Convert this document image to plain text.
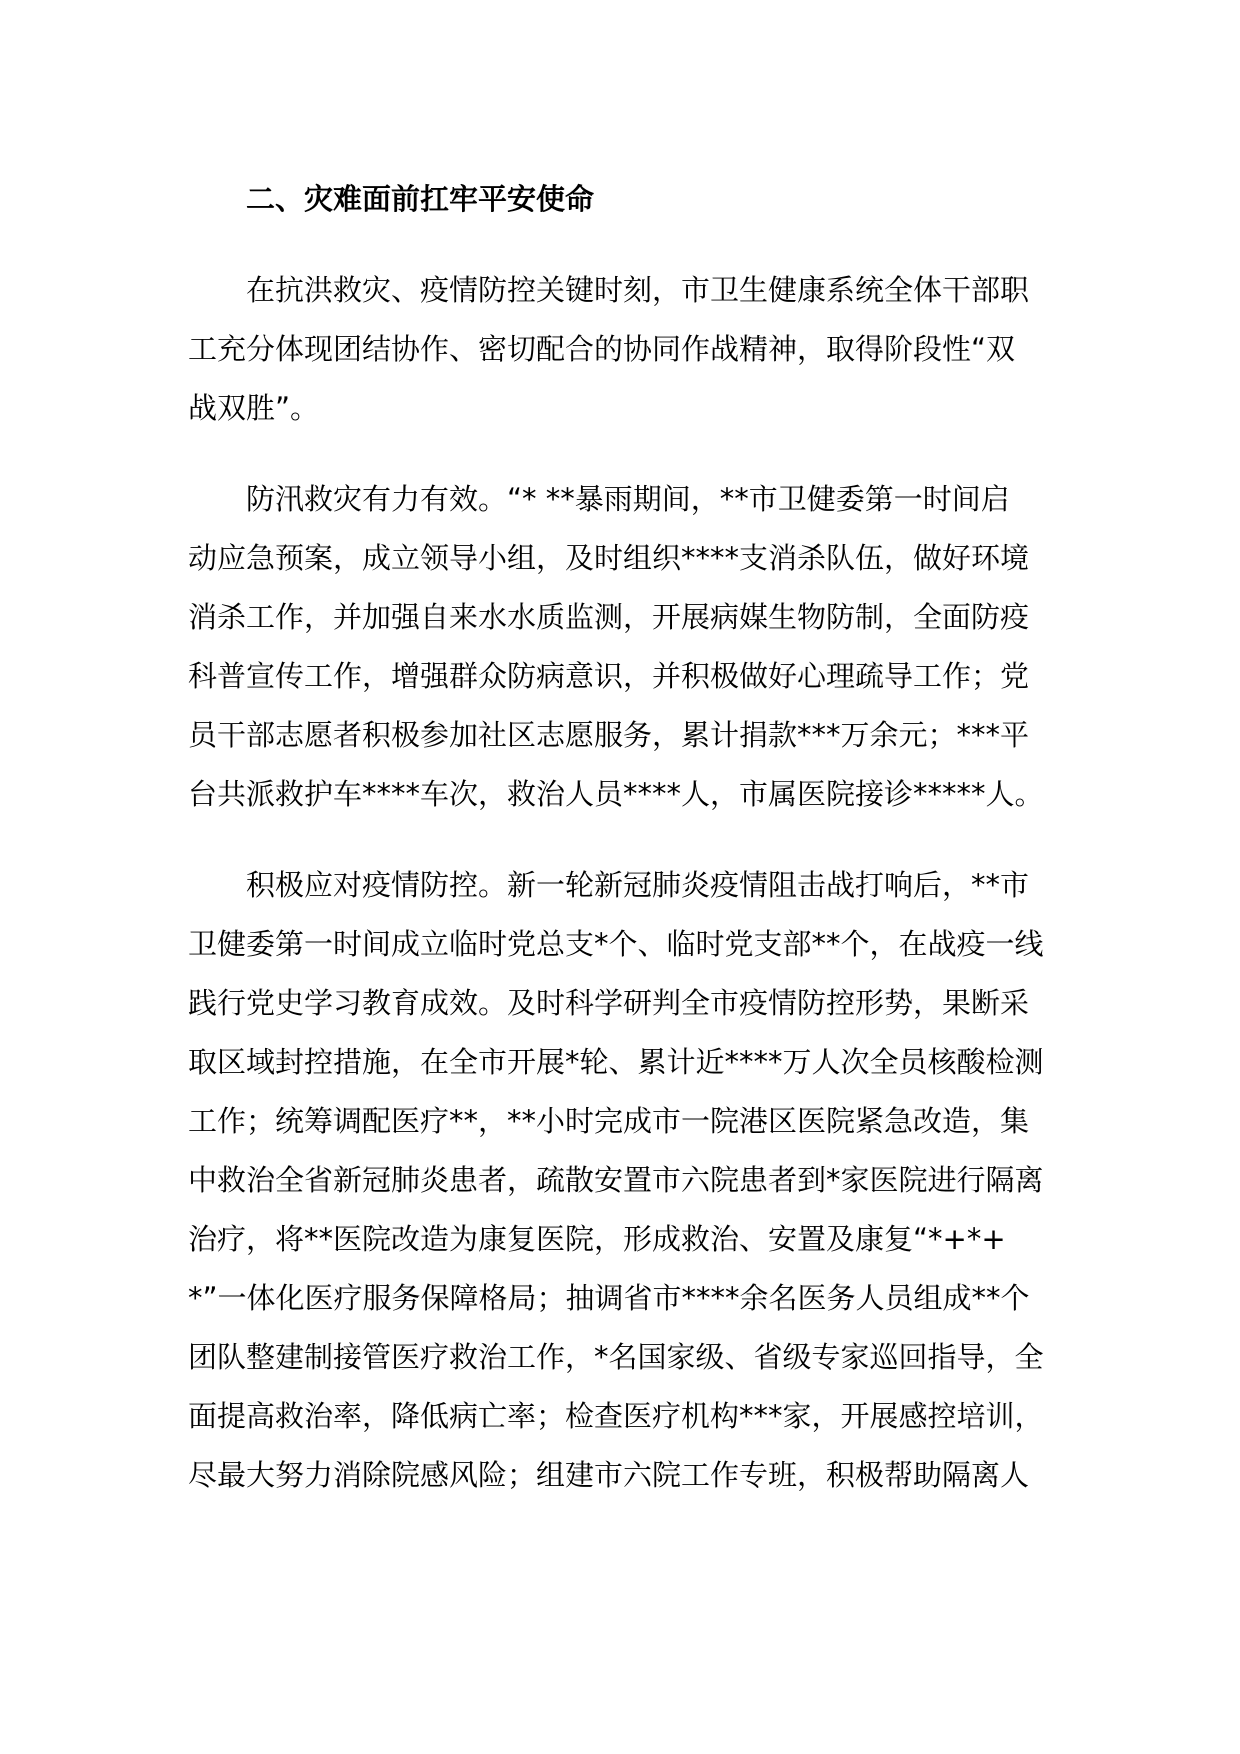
二、灾难面前扛牢平安使命
在抗洪救灾、疫情防控关键时刻，市卫生健康系统全体干部职
工充分体现团结协作、密切配合的协同作战精神，取得阶段性“双
战双胜”。
防汛救灾有力有效。“* **暴雨期间，**市卫健委第一时间启
动应急预案，成立领导小组，及时组织****支消杀队伍，做好环境
消杀工作，并加强自来水水质监测，开展病媒生物防制，全面防疫
科普宣传工作，增强群众防病意识，并积极做好心理疏导工作；党
员干部志愿者积极参加社区志愿服务，累计捐款***万余元；***平
台共派救护车****车次，救治人员****人，市属医院接诊*****人。
积极应对疫情防控。新一轮新冠肺炎疫情阻击战打响后，**市
卫健委第一时间成立临时党总支*个、临时党支部**个，在战疫一线
践行党史学习教育成效。及时科学研判全市疫情防控形势，果断采
取区域封控措施，在全市开展*轮、累计近****万人次全员核酸检测
工作；统筹调配医疗**，**小时完成市一院港区医院紧急改造，集
中救治全省新冠肺炎患者，疏散安置市六院患者到*家医院进行隔离
治疗，将**医院改造为康复医院，形成救治、安置及康复“*+*+
*”一体化医疗服务保障格局；抽调省市****余名医务人员组成**个
团队整建制接管医疗救治工作，*名国家级、省级专家巡回指导，全
面提高救治率，降低病亡率；检查医疗机构***家，开展感控培训，
尽最大努力消除院感风险；组建市六院工作专班，积极帮助隔离人
